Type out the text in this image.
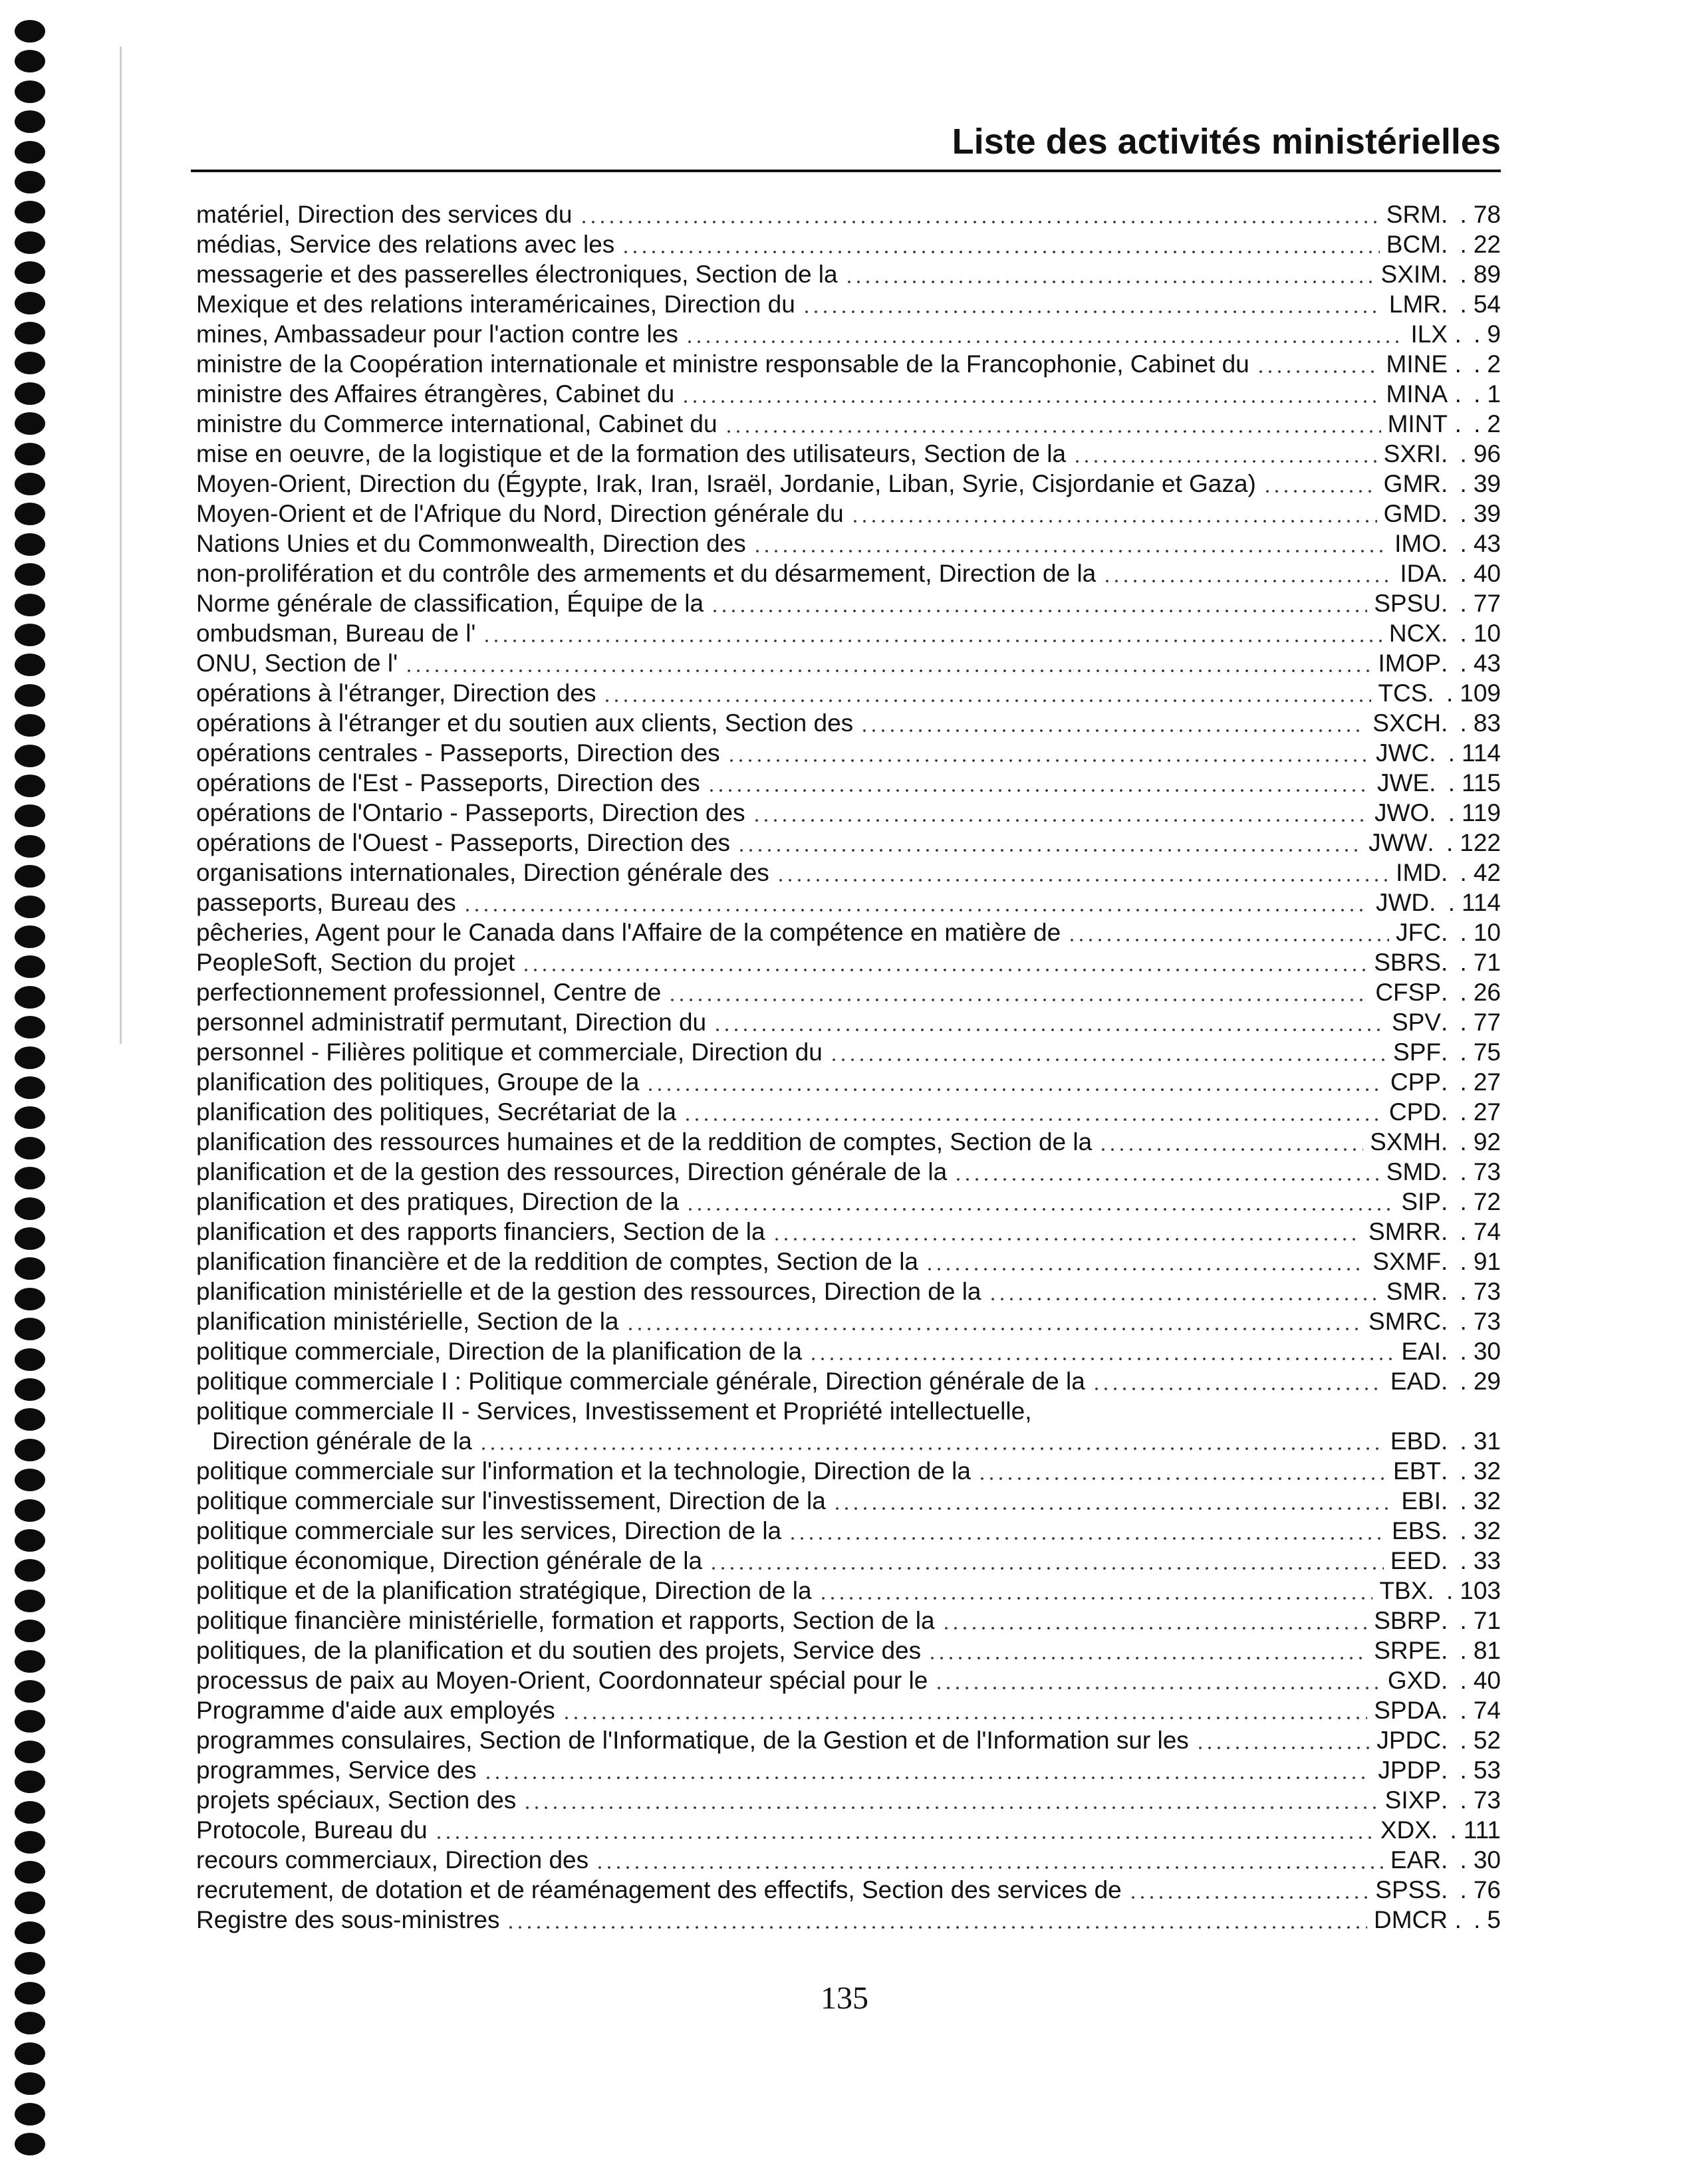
Liste des activités ministérielles
matériel, Direction des services du	SRM	. . 78
médias, Service des relations avec les	BCM	. . 22
messagerie et des passerelles électroniques, Section de la	SXIM	. . 89
Mexique et des relations interaméricaines, Direction du	LMR	. . 54
mines, Ambassadeur pour l'action contre les	ILX	. . 9
ministre de la Coopération internationale et ministre responsable de la Francophonie, Cabinet du	MINE	. . 2
ministre des Affaires étrangères, Cabinet du	MINA	. . 1
ministre du Commerce international, Cabinet du	MINT	. . 2
mise en oeuvre, de la logistique et de la formation des utilisateurs, Section de la	SXRI	. . 96
Moyen-Orient, Direction du (Égypte, Irak, Iran, Israël, Jordanie, Liban, Syrie, Cisjordanie et Gaza)	GMR	. . 39
Moyen-Orient et de l'Afrique du Nord, Direction générale du	GMD	. . 39
Nations Unies et du Commonwealth, Direction des	IMO	. . 43
non-prolifération et du contrôle des armements et du désarmement, Direction de la	IDA	. . 40
Norme générale de classification, Équipe de la	SPSU	. . 77
ombudsman, Bureau de l'	NCX	. . 10
ONU, Section de l'	IMOP	. . 43
opérations à l'étranger, Direction des	TCS	. . 109
opérations à l'étranger et du soutien aux clients, Section des	SXCH	. . 83
opérations centrales - Passeports, Direction des	JWC	. . 114
opérations de l'Est - Passeports, Direction des	JWE	. . 115
opérations de l'Ontario - Passeports, Direction des	JWO	. . 119
opérations de l'Ouest - Passeports, Direction des	JWW	. . 122
organisations internationales, Direction générale des	IMD	. . 42
passeports, Bureau des	JWD	. . 114
pêcheries, Agent pour le Canada dans l'Affaire de la compétence en matière de	JFC	. . 10
PeopleSoft, Section du projet	SBRS	. . 71
perfectionnement professionnel, Centre de	CFSP	. . 26
personnel administratif permutant, Direction du	SPV	. . 77
personnel - Filières politique et commerciale, Direction du	SPF	. . 75
planification des politiques, Groupe de la	CPP	. . 27
planification des politiques, Secrétariat de la	CPD	. . 27
planification des ressources humaines et de la reddition de comptes, Section de la	SXMH	. . 92
planification et de la gestion des ressources, Direction générale de la	SMD	. . 73
planification et des pratiques, Direction de la	SIP	. . 72
planification et des rapports financiers, Section de la	SMRR	. . 74
planification financière et de la reddition de comptes, Section de la	SXMF	. . 91
planification ministérielle et de la gestion des ressources, Direction de la	SMR	. . 73
planification ministérielle, Section de la	SMRC	. . 73
politique commerciale, Direction de la planification de la	EAI	. . 30
politique commerciale I : Politique commerciale générale, Direction générale de la	EAD	. . 29
politique commerciale II - Services, Investissement et Propriété intellectuelle,
Direction générale de la	EBD	. . 31
politique commerciale sur l'information et la technologie, Direction de la	EBT	. . 32
politique commerciale sur l'investissement, Direction de la	EBI	. . 32
politique commerciale sur les services, Direction de la	EBS	. . 32
politique économique, Direction générale de la	EED	. . 33
politique et de la planification stratégique, Direction de la	TBX	. . 103
politique financière ministérielle, formation et rapports, Section de la	SBRP	. . 71
politiques, de la planification et du soutien des projets, Service des	SRPE	. . 81
processus de paix au Moyen-Orient, Coordonnateur spécial pour le	GXD	. . 40
Programme d'aide aux employés	SPDA	. . 74
programmes consulaires, Section de l'Informatique, de la Gestion et de l'Information sur les	JPDC	. . 52
programmes, Service des	JPDP	. . 53
projets spéciaux, Section des	SIXP	. . 73
Protocole, Bureau du	XDX	. . 111
recours commerciaux, Direction des	EAR	. . 30
recrutement, de dotation et de réaménagement des effectifs, Section des services de	SPSS	. . 76
Registre des sous-ministres	DMCR	. . 5
135
